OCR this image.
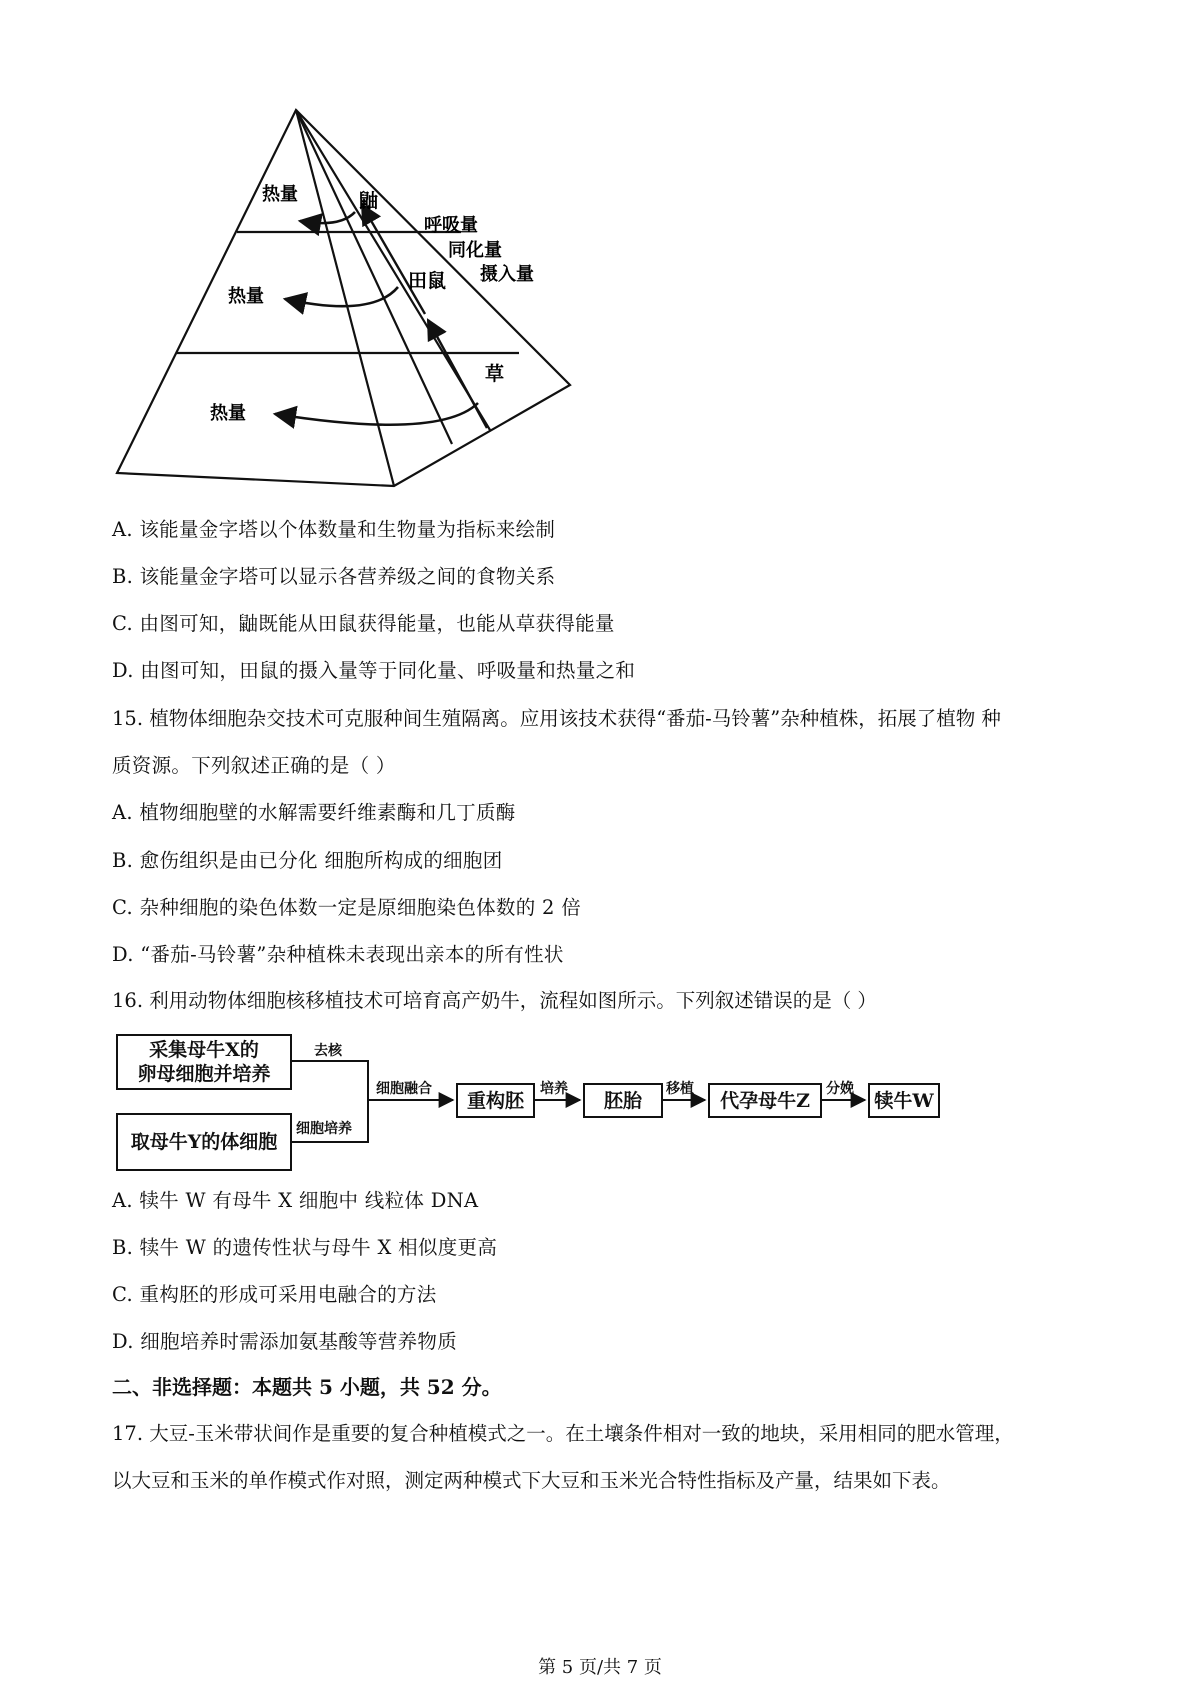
热量
热量
热量
鼬
田鼠
草
呼吸量
同化量
摄入量
A. 该能量金字塔以个体数量和生物量为指标来绘制
B. 该能量金字塔可以显示各营养级之间的食物关系
C. 由图可知，鼬既能从田鼠获得能量，也能从草获得能量
D. 由图可知，田鼠的摄入量等于同化量、呼吸量和热量之和
15. 植物体细胞杂交技术可克服种间生殖隔离。应用该技术获得“番茄-马铃薯”杂种植株，拓展了植物 种
质资源。下列叙述正确的是（ ）
A. 植物细胞壁的水解需要纤维素酶和几丁质酶
B. 愈伤组织是由已分化 细胞所构成的细胞团
C. 杂种细胞的染色体数一定是原细胞染色体数的 2 倍
D. “番茄-马铃薯”杂种植株未表现出亲本的所有性状
16. 利用动物体细胞核移植技术可培育高产奶牛，流程如图所示。下列叙述错误的是（ ）
采集母牛X的
卵母细胞并培养
取母牛Y的体细胞
去核
细胞培养
细胞融合
重构胚
培养
胚胎
移植
代孕母牛Z
分娩
犊牛W
A. 犊牛 W 有母牛 X 细胞中 线粒体 DNA
B. 犊牛 W 的遗传性状与母牛 X 相似度更高
C. 重构胚的形成可采用电融合的方法
D. 细胞培养时需添加氨基酸等营养物质
二、非选择题：本题共 5 小题，共 52 分。
17. 大豆-玉米带状间作是重要的复合种植模式之一。在土壤条件相对一致的地块，采用相同的肥水管理，
以大豆和玉米的单作模式作对照，测定两种模式下大豆和玉米光合特性指标及产量，结果如下表。
第 5 页/共 7 页
